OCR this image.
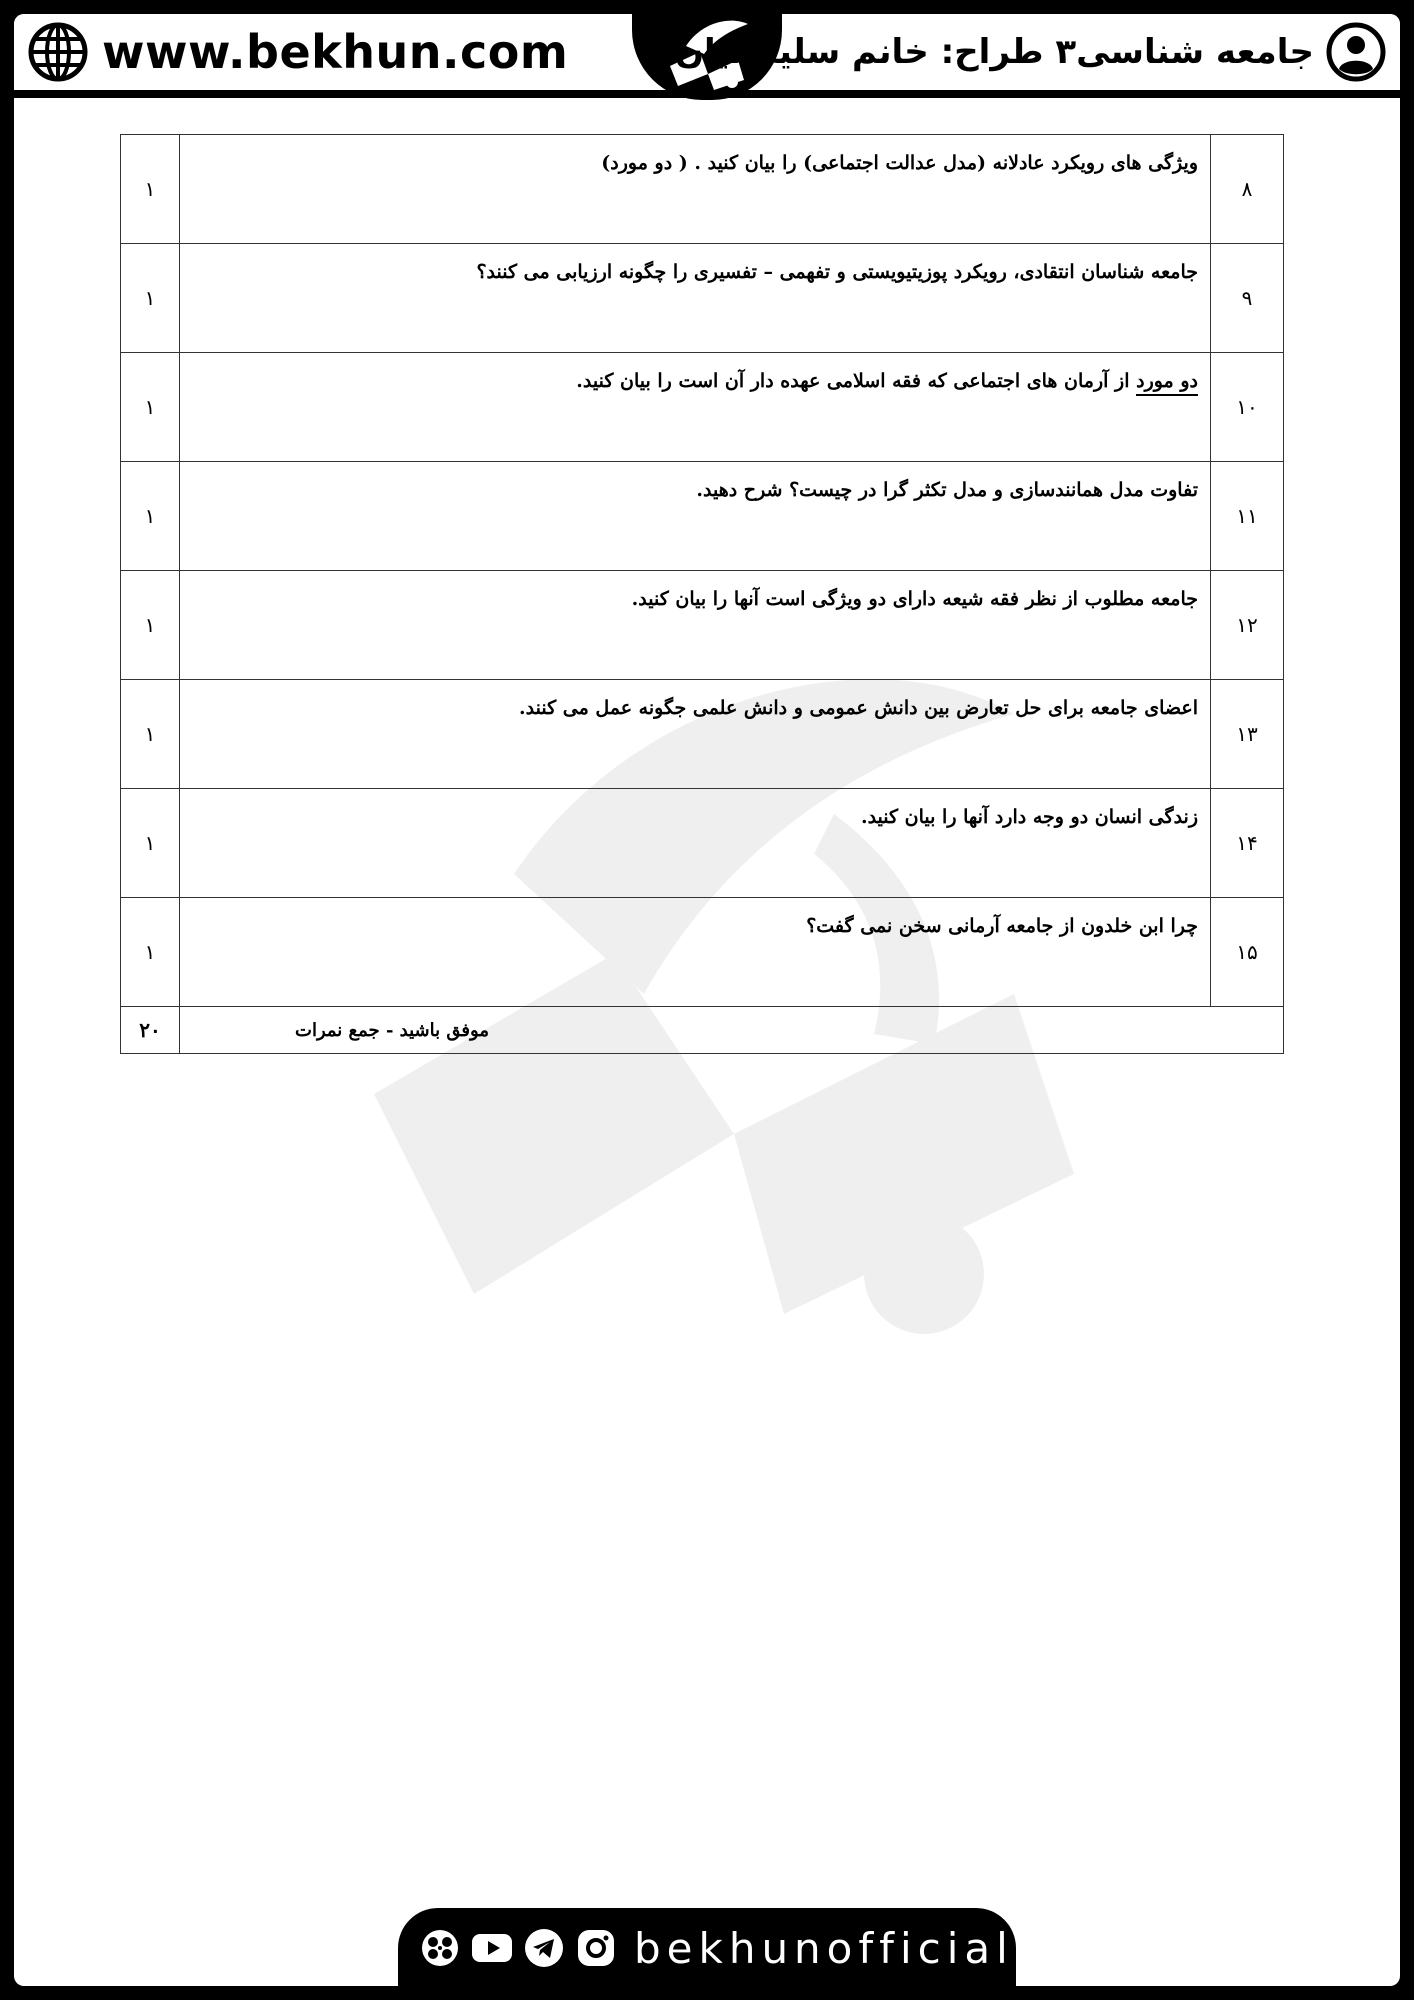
www.bekhun.com	جامعه شناسی۳ طراح: خانم سلیمانیان
۸	ویژگی های رویکرد عادلانه (مدل عدالت اجتماعی) را بیان کنید . ( دو مورد)	۱
۹	جامعه شناسان انتقادی، رویکرد پوزیتیویستی و تفهمی – تفسیری را چگونه ارزیابی می کنند؟	۱
۱۰	دو مورد از آرمان های اجتماعی که فقه اسلامی عهده دار آن است را بیان کنید.	۱
۱۱	تفاوت مدل همانندسازی و مدل تکثر گرا در چیست؟ شرح دهید.	۱
۱۲	جامعه مطلوب از نظر فقه شیعه دارای دو ویژگی است آنها را بیان کنید.	۱
۱۳	اعضای جامعه برای حل تعارض بین دانش عمومی و دانش علمی جگونه عمل می کنند.	۱
۱۴	زندگی انسان دو وجه دارد آنها را بیان کنید.	۱
۱۵	چرا ابن خلدون از جامعه آرمانی سخن نمی گفت؟	۱
موفق باشید - جمع نمرات		۲۰
bekhunofficial
